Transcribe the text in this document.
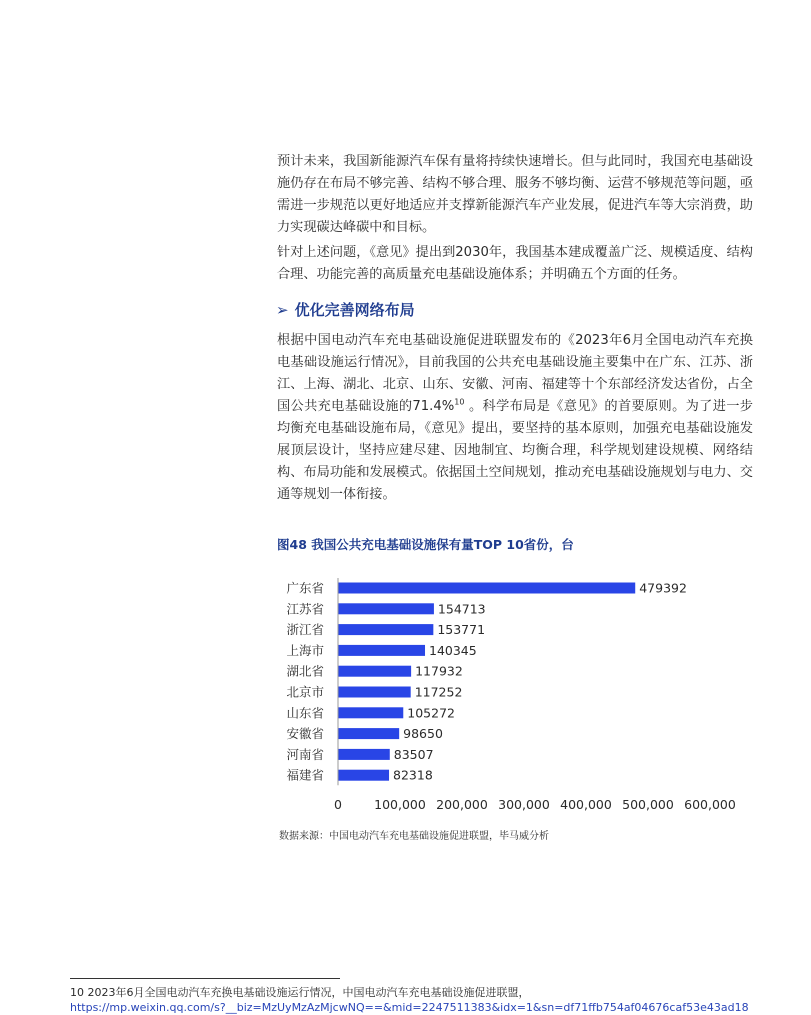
预计未来，我国新能源汽车保有量将持续快速增长。但与此同时，我国充电基础设施仍存在布局不够完善、结构不够合理、服务不够均衡、运营不够规范等问题，亟需进一步规范以更好地适应并支撑新能源汽车产业发展，促进汽车等大宗消费，助力实现碳达峰碳中和目标。

针对上述问题，《意见》提出到2030年，我国基本建成覆盖广泛、规模适度、结构合理、功能完善的高质量充电基础设施体系；并明确五个方面的任务。

➢ 优化完善网络布局

根据中国电动汽车充电基础设施促进联盟发布的《2023年6月全国电动汽车充换电基础设施运行情况》，目前我国的公共充电基础设施主要集中在广东、江苏、浙江、上海、湖北、北京、山东、安徽、河南、福建等十个东部经济发达省份，占全国公共充电基础设施的71.4%$^{10}$ 。科学布局是《意见》的首要原则。为了进一步均衡充电基础设施布局，《意见》提出，要坚持的基本原则，加强充电基础设施发展顶层设计，坚持应建尽建、因地制宜、均衡合理，科学规划建设规模、网络结构、布局功能和发展模式。依据国土空间规划，推动充电基础设施规划与电力、交通等规划一体衔接。

图48 我国公共充电基础设施保有量TOP 10省份，台

广东省	479392
江苏省	154713
浙江省	153771
上海市	140345
湖北省	117932
北京市	117252
山东省	105272
安徽省	98650
河南省	83507
福建省	82318
0	100,000 200,000 300,000 400,000 500,000 600,000

数据来源：中国电动汽车充电基础设施促进联盟，毕马威分析

10 2023年6月全国电动汽车充换电基础设施运行情况，中国电动汽车充电基础设施促进联盟，
https://mp.weixin.qq.com/s?__biz=MzUyMzAzMjcwNQ==&mid=2247511383&idx=1&sn=df71ffb754af04676caf53e43ad18
